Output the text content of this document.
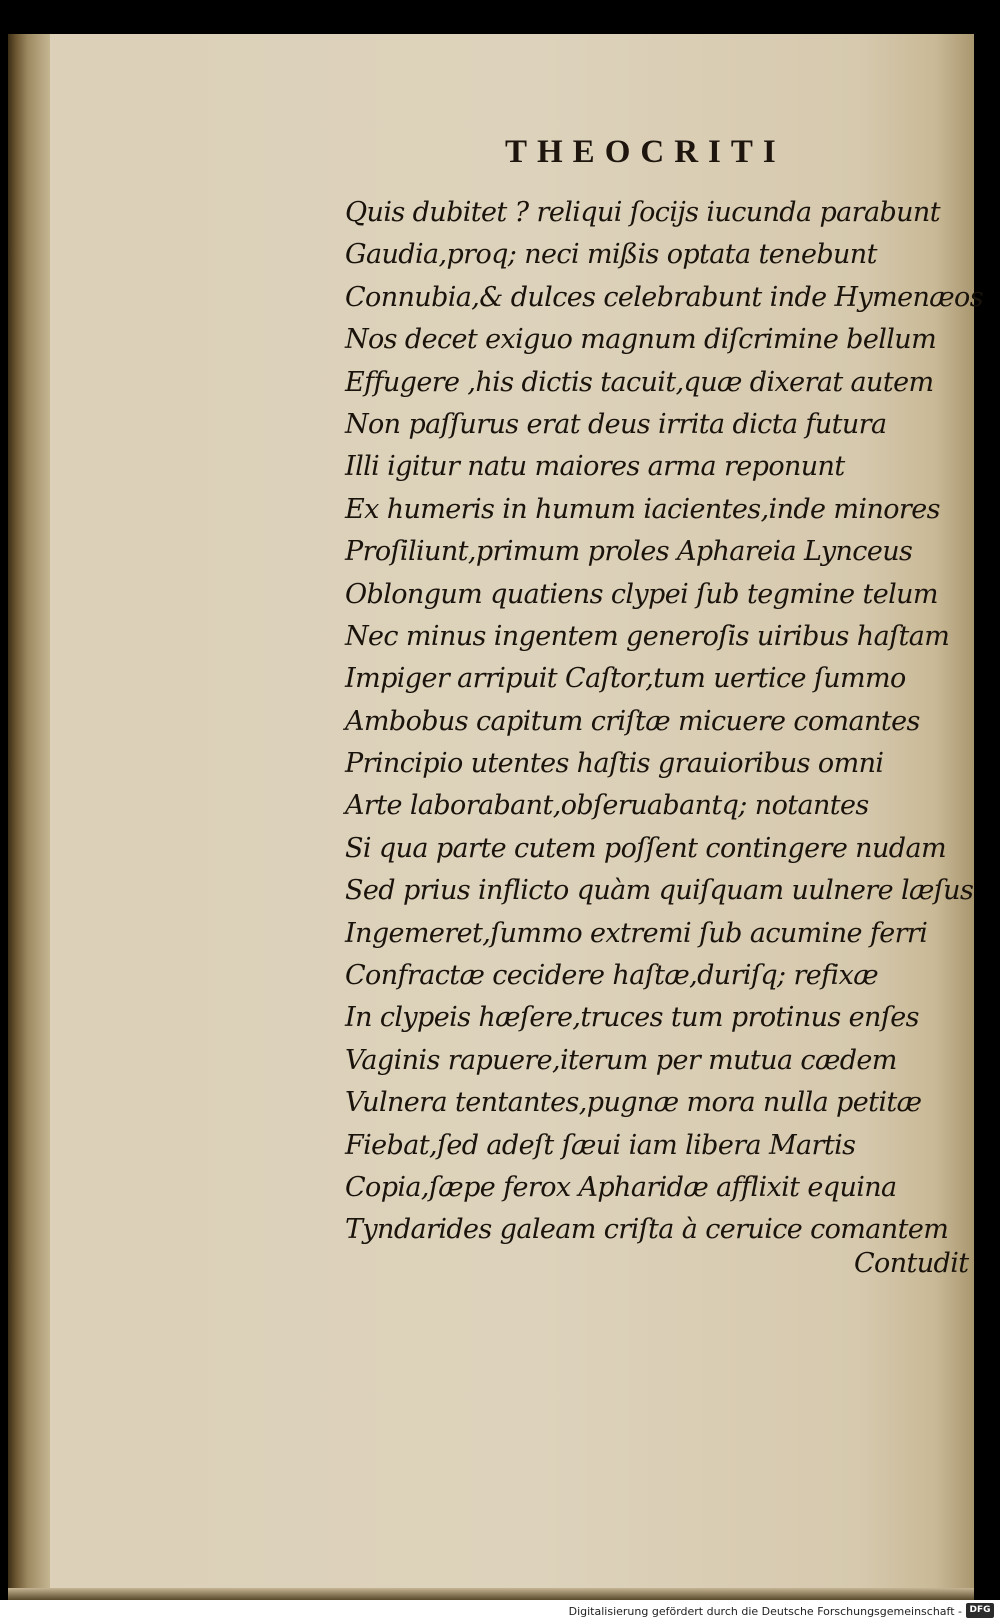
THEOCRITI
Quis dubitet ? reliqui ſocijs iucunda parabunt
Gaudia,proq; neci mißis optata tenebunt
Connubia,& dulces celebrabunt inde Hymenæos
Nos decet exiguo magnum diſcrimine bellum
Effugere ,his dictis tacuit,quæ dixerat autem
Non paſſurus erat deus irrita dicta futura
Illi igitur natu maiores arma reponunt
Ex humeris in humum iacientes,inde minores
Proſiliunt,primum proles Aphareia Lynceus
Oblongum quatiens clypei ſub tegmine telum
Nec minus ingentem generoſis uiribus haſtam
Impiger arripuit Caſtor,tum uertice ſummo
Ambobus capitum criſtæ micuere comantes
Principio utentes haſtis grauioribus omni
Arte laborabant,obſeruabantq; notantes
Si qua parte cutem poſſent contingere nudam
Sed prius inflicto quàm quiſquam uulnere læſus
Ingemeret,ſummo extremi ſub acumine ferri
Confractæ cecidere haſtæ,duriſq; refixæ
In clypeis hæſere,truces tum protinus enſes
Vaginis rapuere,iterum per mutua cædem
Vulnera tentantes,pugnæ mora nulla petitæ
Fiebat,ſed adeſt ſæui iam libera Martis
Copia,ſæpe ferox Apharidæ afflixit equina
Tyndarides galeam criſta à ceruice comantem
Contudit
Digitalisierung gefördert durch die Deutsche Forschungsgemeinschaft - DFG
